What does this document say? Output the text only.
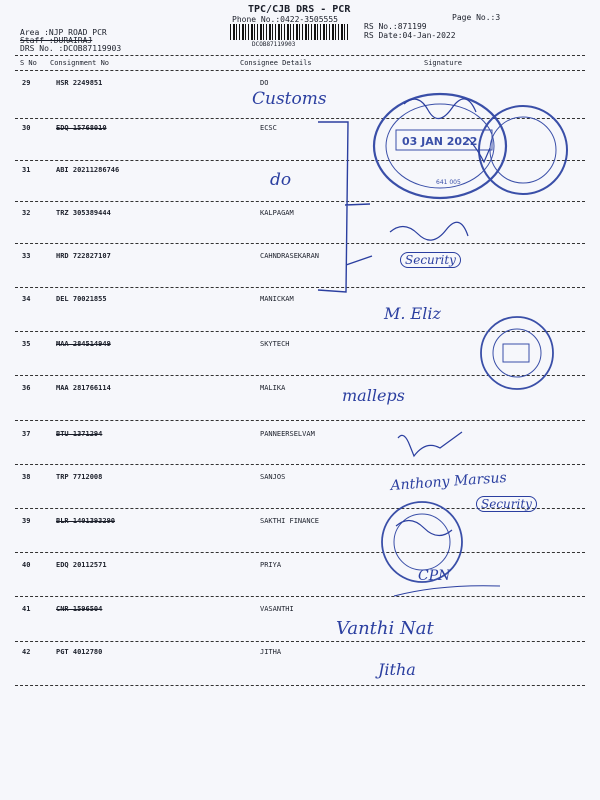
TPC/CJB DRS - PCR
Phone No.:0422-3505555	Page No.:3
Area :NJP ROAD PCR
Staff :DURAIRAJ
DRS No. :DCOB87119903	DCOB87119903
RS No.:871199
RS Date:04-Jan-2022
S No Consignment No	Consignee Details	Signature
29	HSR 2249851	DO
30	EDQ 15768010	ECSC
31	ABI 20211286746
32	TRZ 305389444	KALPAGAM
33	HRD 722827107	CAHNDRASEKARAN
34	DEL 70021855	MANICKAM
35	MAA 284514949	SKYTECH
36	MAA 281766114	MALIKA
37	BTU 1371294	PANNEERSELVAM
38	TRP 7712008	SANJOS
39	BLR 1401393290	SAKTHI FINANCE
40	EDQ 20112571	PRIYA
41	CNR 1596504	VASANTHI
42	PGT 4012780	JITHA
03 JAN 2022
641 005
Customs
do
Security
M. Eliz
malleps
Anthony Marsus
Security
CPN
Vanthi Nat
Jitha
